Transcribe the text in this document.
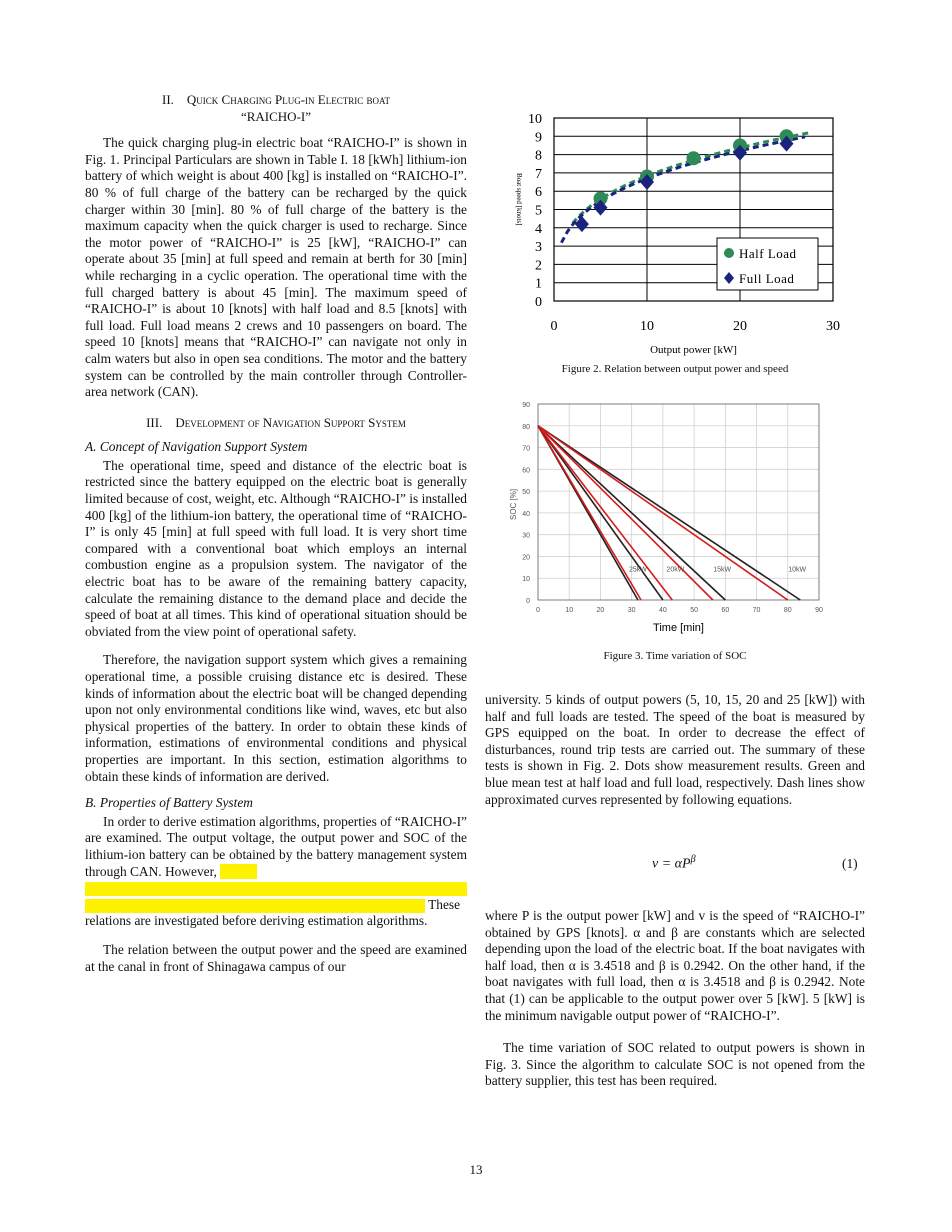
II. Quick Charging Plug-in Electric boat
“RAICHO-I”

The quick charging plug-in electric boat “RAICHO-I” is shown in Fig. 1. Principal Particulars are shown in Table I. 18 [kWh] lithium-ion battery of which weight is about 400 [kg] is installed on “RAICHO-I”. 80 % of full charge of the battery can be recharged by the quick charger within 30 [min]. 80 % of full charge of the battery is the maximum capacity when the quick charger is used to recharge. Since the motor power of “RAICHO-I” is 25 [kW], “RAICHO-I” can operate about 35 [min] at full speed and remain at berth for 30 [min] while recharging in a cyclic operation. The operational time with the full charged battery is about 45 [min]. The maximum speed of “RAICHO-I” is about 10 [knots] with half load and 8.5 [knots] with full load. Full load means 2 crews and 10 passengers on board. The speed 10 [knots] means that “RAICHO-I” can navigate not only in calm waters but also in open sea conditions. The motor and the battery system can be controlled by the main controller through Controller-area network (CAN).

III. Development of Navigation Support System
A. Concept of Navigation Support System

The operational time, speed and distance of the electric boat is restricted since the battery equipped on the electric boat is generally limited because of cost, weight, etc. Although “RAICHO-I” is installed 400 [kg] of the lithium-ion battery, the operational time of “RAICHO-I” is only 45 [min] at full speed with full load. It is very short time compared with a conventional boat which employs an internal combustion engine as a propulsion system. The navigator of the electric boat has to be aware of the remaining battery capacity, calculate the remaining distance to the demand place and decide the speed of boat at all times. This kind of operational situation should be obviated from the view point of operational safety.

Therefore, the navigation support system which gives a remaining operational time, a possible cruising distance etc is desired. These kinds of information about the electric boat will be changed depending upon not only environmental conditions like wind, waves, etc but also physical properties of the battery. In order to obtain these kinds of information, estimations of environmental conditions and physical properties are important. In this section, estimation algorithms to obtain these kinds of information are derived.

B. Properties of Battery System

In order to derive estimation algorithms, properties of “RAICHO-I” are examined. The output voltage, the output power and SOC of the lithium-ion battery can be obtained by the battery management system through CAN. However,

These
relations are investigated before deriving estimation algorithms.

The relation between the output power and the speed are examined at the canal in front of Shinagawa campus of our

0
1
2
3
4
5
6
7
8
9
10
0	10	20	30
Output power [kW]
Boat speed [knots]
Half Load
Full Load
Figure 2. Relation between output power and speed
0
10
20
30
40
50
60
70
80
90
0	10	20	30	40	50	60	70	80	90
SOC [%]
Time [min]
25kW	20kW	15kW	10kW
Figure 3. Time variation of SOC

university. 5 kinds of output powers (5, 10, 15, 20 and 25 [kW]) with half and full loads are tested. The speed of the boat is measured by GPS equipped on the boat. In order to decrease the effect of disturbances, round trip tests are carried out. The summary of these tests is shown in Fig. 2. Dots show measurement results. Green and blue mean test at half load and full load, respectively. Dash lines show approximated curves represented by following equations.

$v = \alpha P^\beta$	(1)

where P is the output power [kW] and v is the speed of “RAICHO-I” obtained by GPS [knots]. α and β are constants which are selected depending upon the load of the electric boat. If the boat navigates with half load, then α is 3.4518 and β is 0.2942. On the other hand, if the boat navigates with full load, then α is 3.4518 and β is 0.2942. Note that (1) can be applicable to the output power over 5 [kW]. 5 [kW] is the minimum navigable output power of “RAICHO-I”.

The time variation of SOC related to output powers is shown in Fig. 3. Since the algorithm to calculate SOC is not opened from the battery supplier, this test has been required.

13
